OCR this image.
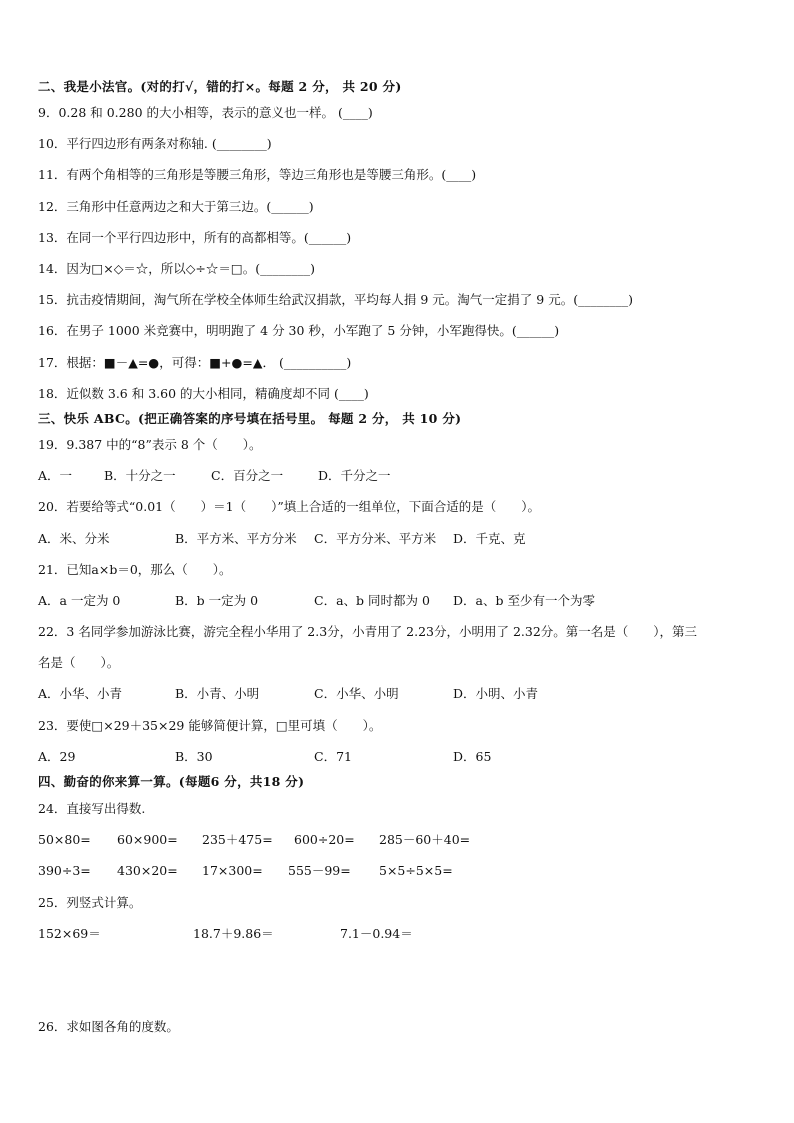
二、我是小法官。(对的打√，错的打×。每题 2 分， 共 20 分)
9．0.28 和 0.280 的大小相等，表示的意义也一样。 (____)
10．平行四边形有两条对称轴. (________)
11．有两个角相等的三角形是等腰三角形，等边三角形也是等腰三角形。(____)
12．三角形中任意两边之和大于第三边。(______)
13．在同一个平行四边形中，所有的高都相等。(______)
14．因为□×◇＝☆，所以◇÷☆＝□。(________)
15．抗击疫情期间，淘气所在学校全体师生给武汉捐款，平均每人捐 9 元。淘气一定捐了 9 元。(________)
16．在男子 1000 米竞赛中，明明跑了 4 分 30 秒，小军跑了 5 分钟，小军跑得快。(______)
17．根据：■－▲=●，可得：■+●=▲． (__________)
18．近似数 3.6 和 3.60 的大小相同，精确度却不同 (____)
三、快乐 ABC。(把正确答案的序号填在括号里。 每题 2 分， 共 10 分)
19．9.387 中的“8”表示 8 个（　　）。
A．一	B．十分之一	C．百分之一	D．千分之一
20．若要给等式“0.01（　　）＝1（　　）”填上合适的一组单位，下面合适的是（　　）。
A．米、分米	B．平方米、平方分米 C．平方分米、平方米 D．千克、克
21．已知a×b＝0，那么（　　）。
A．a 一定为 0	B．b 一定为 0	C．a、b 同时都为 0 D．a、b 至少有一个为零
22．3 名同学参加游泳比赛，游完全程小华用了 2.3分，小青用了 2.23分，小明用了 2.32分。第一名是（　　），第三
名是（　　）。
A．小华、小青	B．小青、小明	C．小华、小明	D．小明、小青
23．要使□×29＋35×29 能够简便计算，□里可填（　　）。
A．29	B．30	C．71	D．65
四、勤奋的你来算一算。(每题6 分，共18 分)
24．直接写出得数.
50×80= 60×900= 235＋475= 600÷20= 285－60＋40=
390÷3= 430×20= 17×300= 555－99= 5×5÷5×5=
25．列竖式计算。
152×69＝	18.7＋9.86＝	7.1－0.94＝
26．求如图各角的度数。
